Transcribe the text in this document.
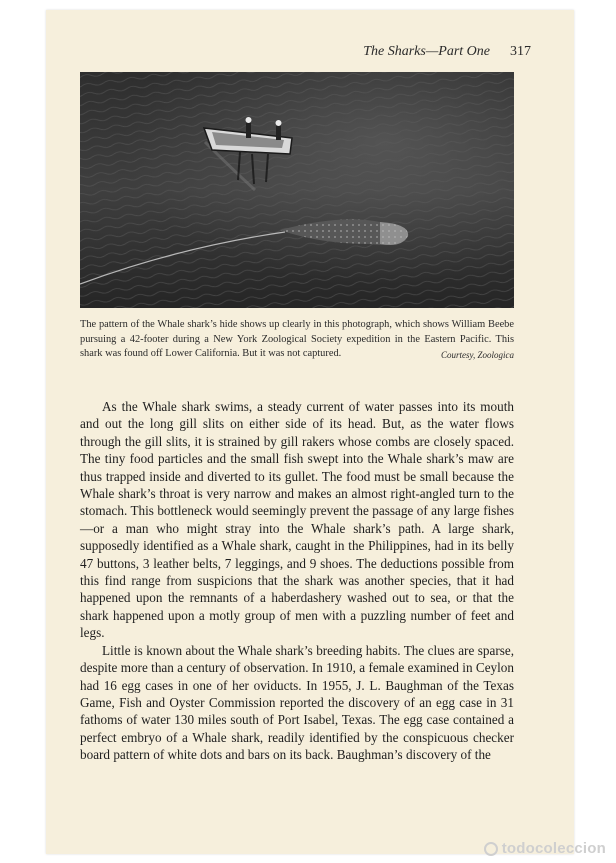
The Sharks—Part One 317

The pattern of the Whale shark’s hide shows up clearly in this photograph, which shows William Beebe pursuing a 42-footer during a New York Zoological Society expedition in the Eastern Pacific. This shark was found off Lower California. But it was not captured.	Courtesy, Zoologica

As the Whale shark swims, a steady current of water passes into its mouth and out the long gill slits on either side of its head. But, as the water flows through the gill slits, it is strained by gill rakers whose combs are closely spaced. The tiny food particles and the small fish swept into the Whale shark’s maw are thus trapped inside and diverted to its gullet. The food must be small because the Whale shark’s throat is very narrow and makes an almost right-angled turn to the stomach. This bottleneck would seemingly prevent the passage of any large fishes —or a man who might stray into the Whale shark’s path. A large shark, supposedly identified as a Whale shark, caught in the Philippines, had in its belly 47 buttons, 3 leather belts, 7 leggings, and 9 shoes. The deductions possible from this find range from suspicions that the shark was another species, that it had happened upon the remnants of a haberdashery washed out to sea, or that the shark happened upon a motly group of men with a puzzling number of feet and legs.

Little is known about the Whale shark’s breeding habits. The clues are sparse, despite more than a century of observation. In 1910, a female examined in Ceylon had 16 egg cases in one of her oviducts. In 1955, J. L. Baughman of the Texas Game, Fish and Oyster Commission reported the discovery of an egg case in 31 fathoms of water 130 miles south of Port Isabel, Texas. The egg case contained a perfect embryo of a Whale shark, readily identified by the conspicuous checker board pattern of white dots and bars on its back. Baughman’s discovery of the

todocoleccion
